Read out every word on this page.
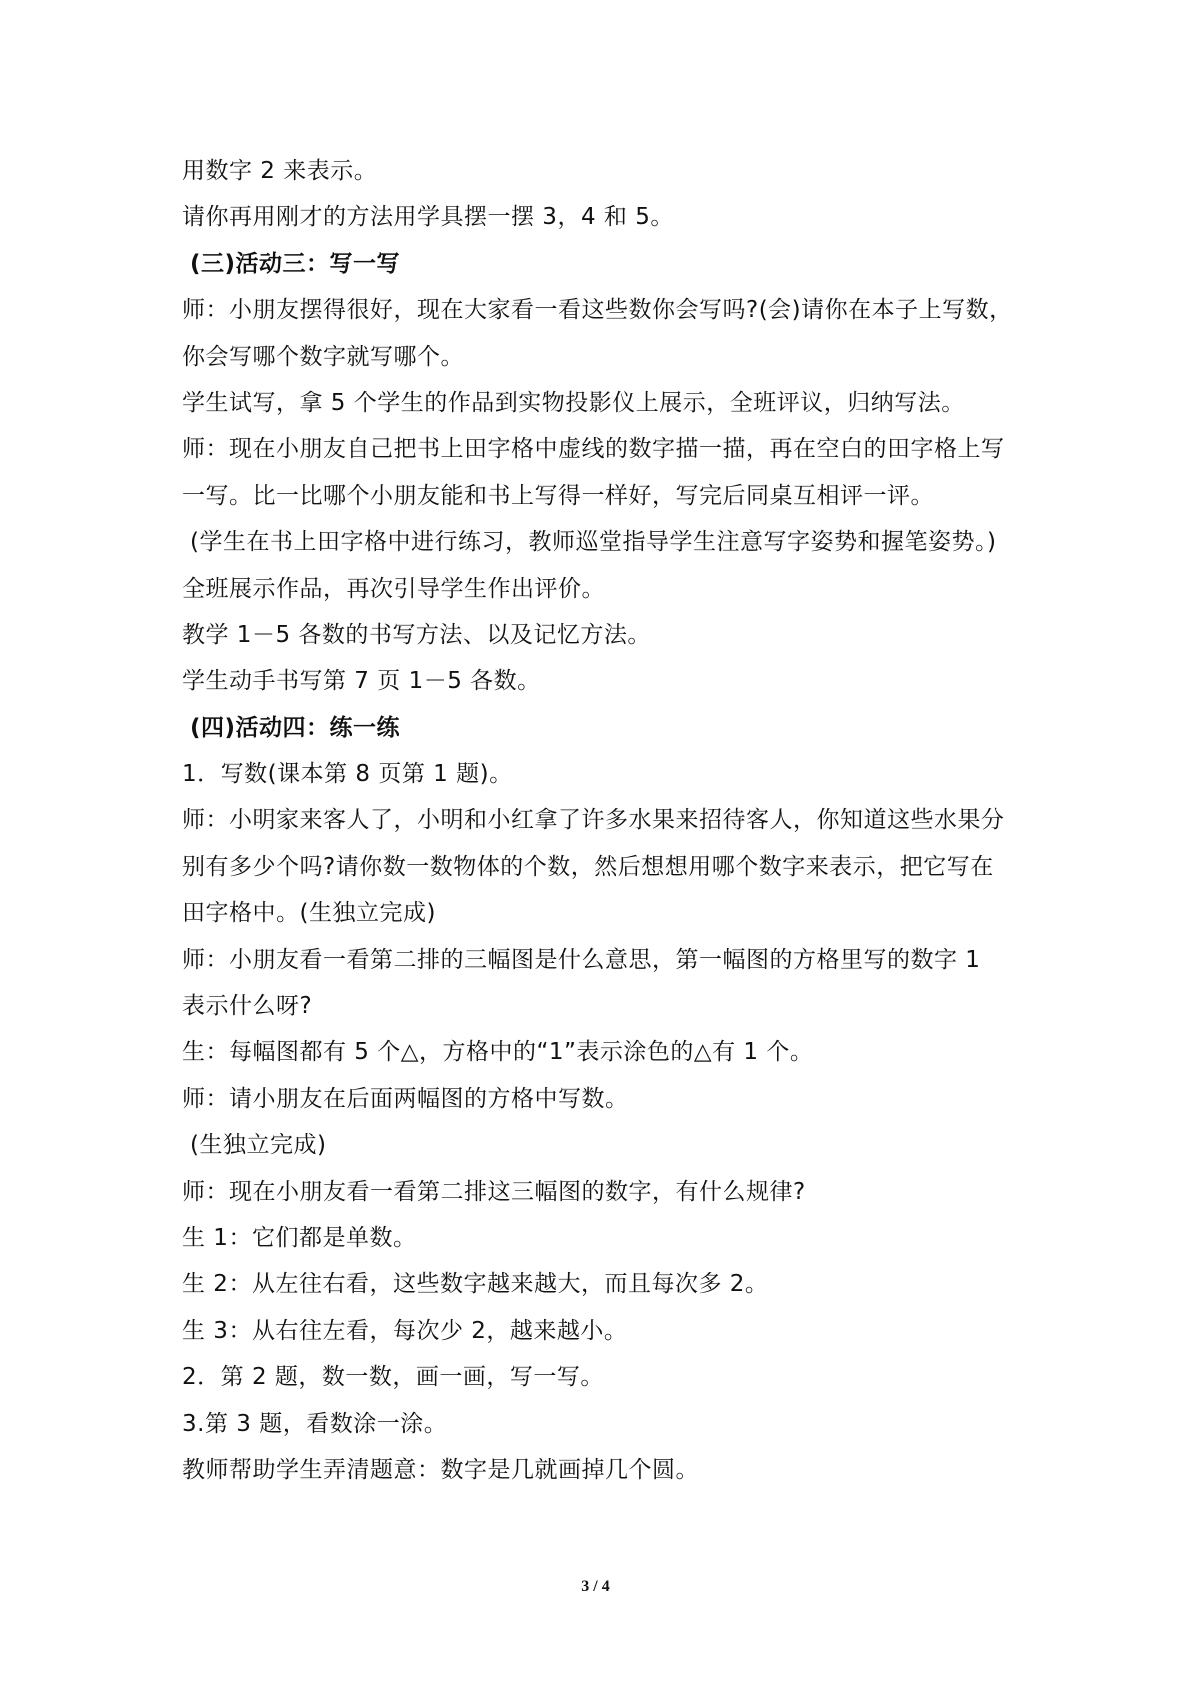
用数字 2 来表示。
请你再用刚才的方法用学具摆一摆 3，4 和 5。
(三)活动三：写一写
师：小朋友摆得很好，现在大家看一看这些数你会写吗?(会)请你在本子上写数，
你会写哪个数字就写哪个。
学生试写，拿 5 个学生的作品到实物投影仪上展示，全班评议，归纳写法。
师：现在小朋友自己把书上田字格中虚线的数字描一描，再在空白的田字格上写
一写。比一比哪个小朋友能和书上写得一样好，写完后同桌互相评一评。
(学生在书上田字格中进行练习，教师巡堂指导学生注意写字姿势和握笔姿势。)
全班展示作品，再次引导学生作出评价。
教学 1－5 各数的书写方法、以及记忆方法。
学生动手书写第 7 页 1－5 各数。
(四)活动四：练一练
1．写数(课本第 8 页第 1 题)。
师：小明家来客人了，小明和小红拿了许多水果来招待客人，你知道这些水果分
别有多少个吗?请你数一数物体的个数，然后想想用哪个数字来表示，把它写在
田字格中。(生独立完成)
师：小朋友看一看第二排的三幅图是什么意思，第一幅图的方格里写的数字 1
表示什么呀?
生：每幅图都有 5 个△，方格中的“1”表示涂色的△有 1 个。
师：请小朋友在后面两幅图的方格中写数。
(生独立完成)
师：现在小朋友看一看第二排这三幅图的数字，有什么规律?
生 1：它们都是单数。
生 2：从左往右看，这些数字越来越大，而且每次多 2。
生 3：从右往左看，每次少 2，越来越小。
2．第 2 题，数一数，画一画，写一写。
3.第 3 题，看数涂一涂。
教师帮助学生弄清题意：数字是几就画掉几个圆。
3 / 4
